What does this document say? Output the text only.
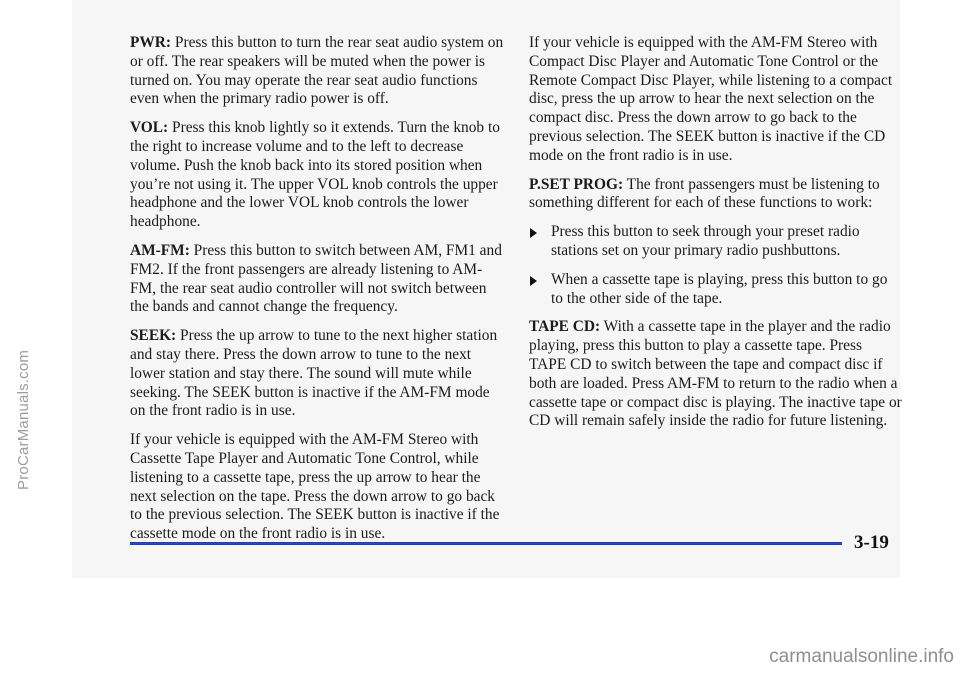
ProCarManuals.com

PWR: Press this button to turn the rear seat audio system on or off. The rear speakers will be muted when the power is turned on. You may operate the rear seat audio functions even when the primary radio power is off.

VOL: Press this knob lightly so it extends. Turn the knob to the right to increase volume and to the left to decrease volume. Push the knob back into its stored position when you’re not using it. The upper VOL knob controls the upper headphone and the lower VOL knob controls the lower headphone.

AM-FM: Press this button to switch between AM, FM1 and FM2. If the front passengers are already listening to AM-FM, the rear seat audio controller will not switch between the bands and cannot change the frequency.

SEEK: Press the up arrow to tune to the next higher station and stay there. Press the down arrow to tune to the next lower station and stay there. The sound will mute while seeking. The SEEK button is inactive if the AM-FM mode on the front radio is in use.

If your vehicle is equipped with the AM-FM Stereo with Cassette Tape Player and Automatic Tone Control, while listening to a cassette tape, press the up arrow to hear the next selection on the tape. Press the down arrow to go back to the previous selection. The SEEK button is inactive if the cassette mode on the front radio is in use.

If your vehicle is equipped with the AM-FM Stereo with Compact Disc Player and Automatic Tone Control or the Remote Compact Disc Player, while listening to a compact disc, press the up arrow to hear the next selection on the compact disc. Press the down arrow to go back to the previous selection. The SEEK button is inactive if the CD mode on the front radio is in use.

P.SET PROG: The front passengers must be listening to something different for each of these functions to work:

Press this button to seek through your preset radio stations set on your primary radio pushbuttons.
When a cassette tape is playing, press this button to go to the other side of the tape.

TAPE CD: With a cassette tape in the player and the radio playing, press this button to play a cassette tape. Press TAPE CD to switch between the tape and compact disc if both are loaded. Press AM-FM to return to the radio when a cassette tape or compact disc is playing. The inactive tape or CD will remain safely inside the radio for future listening.

3-19
carmanualsonline.info
